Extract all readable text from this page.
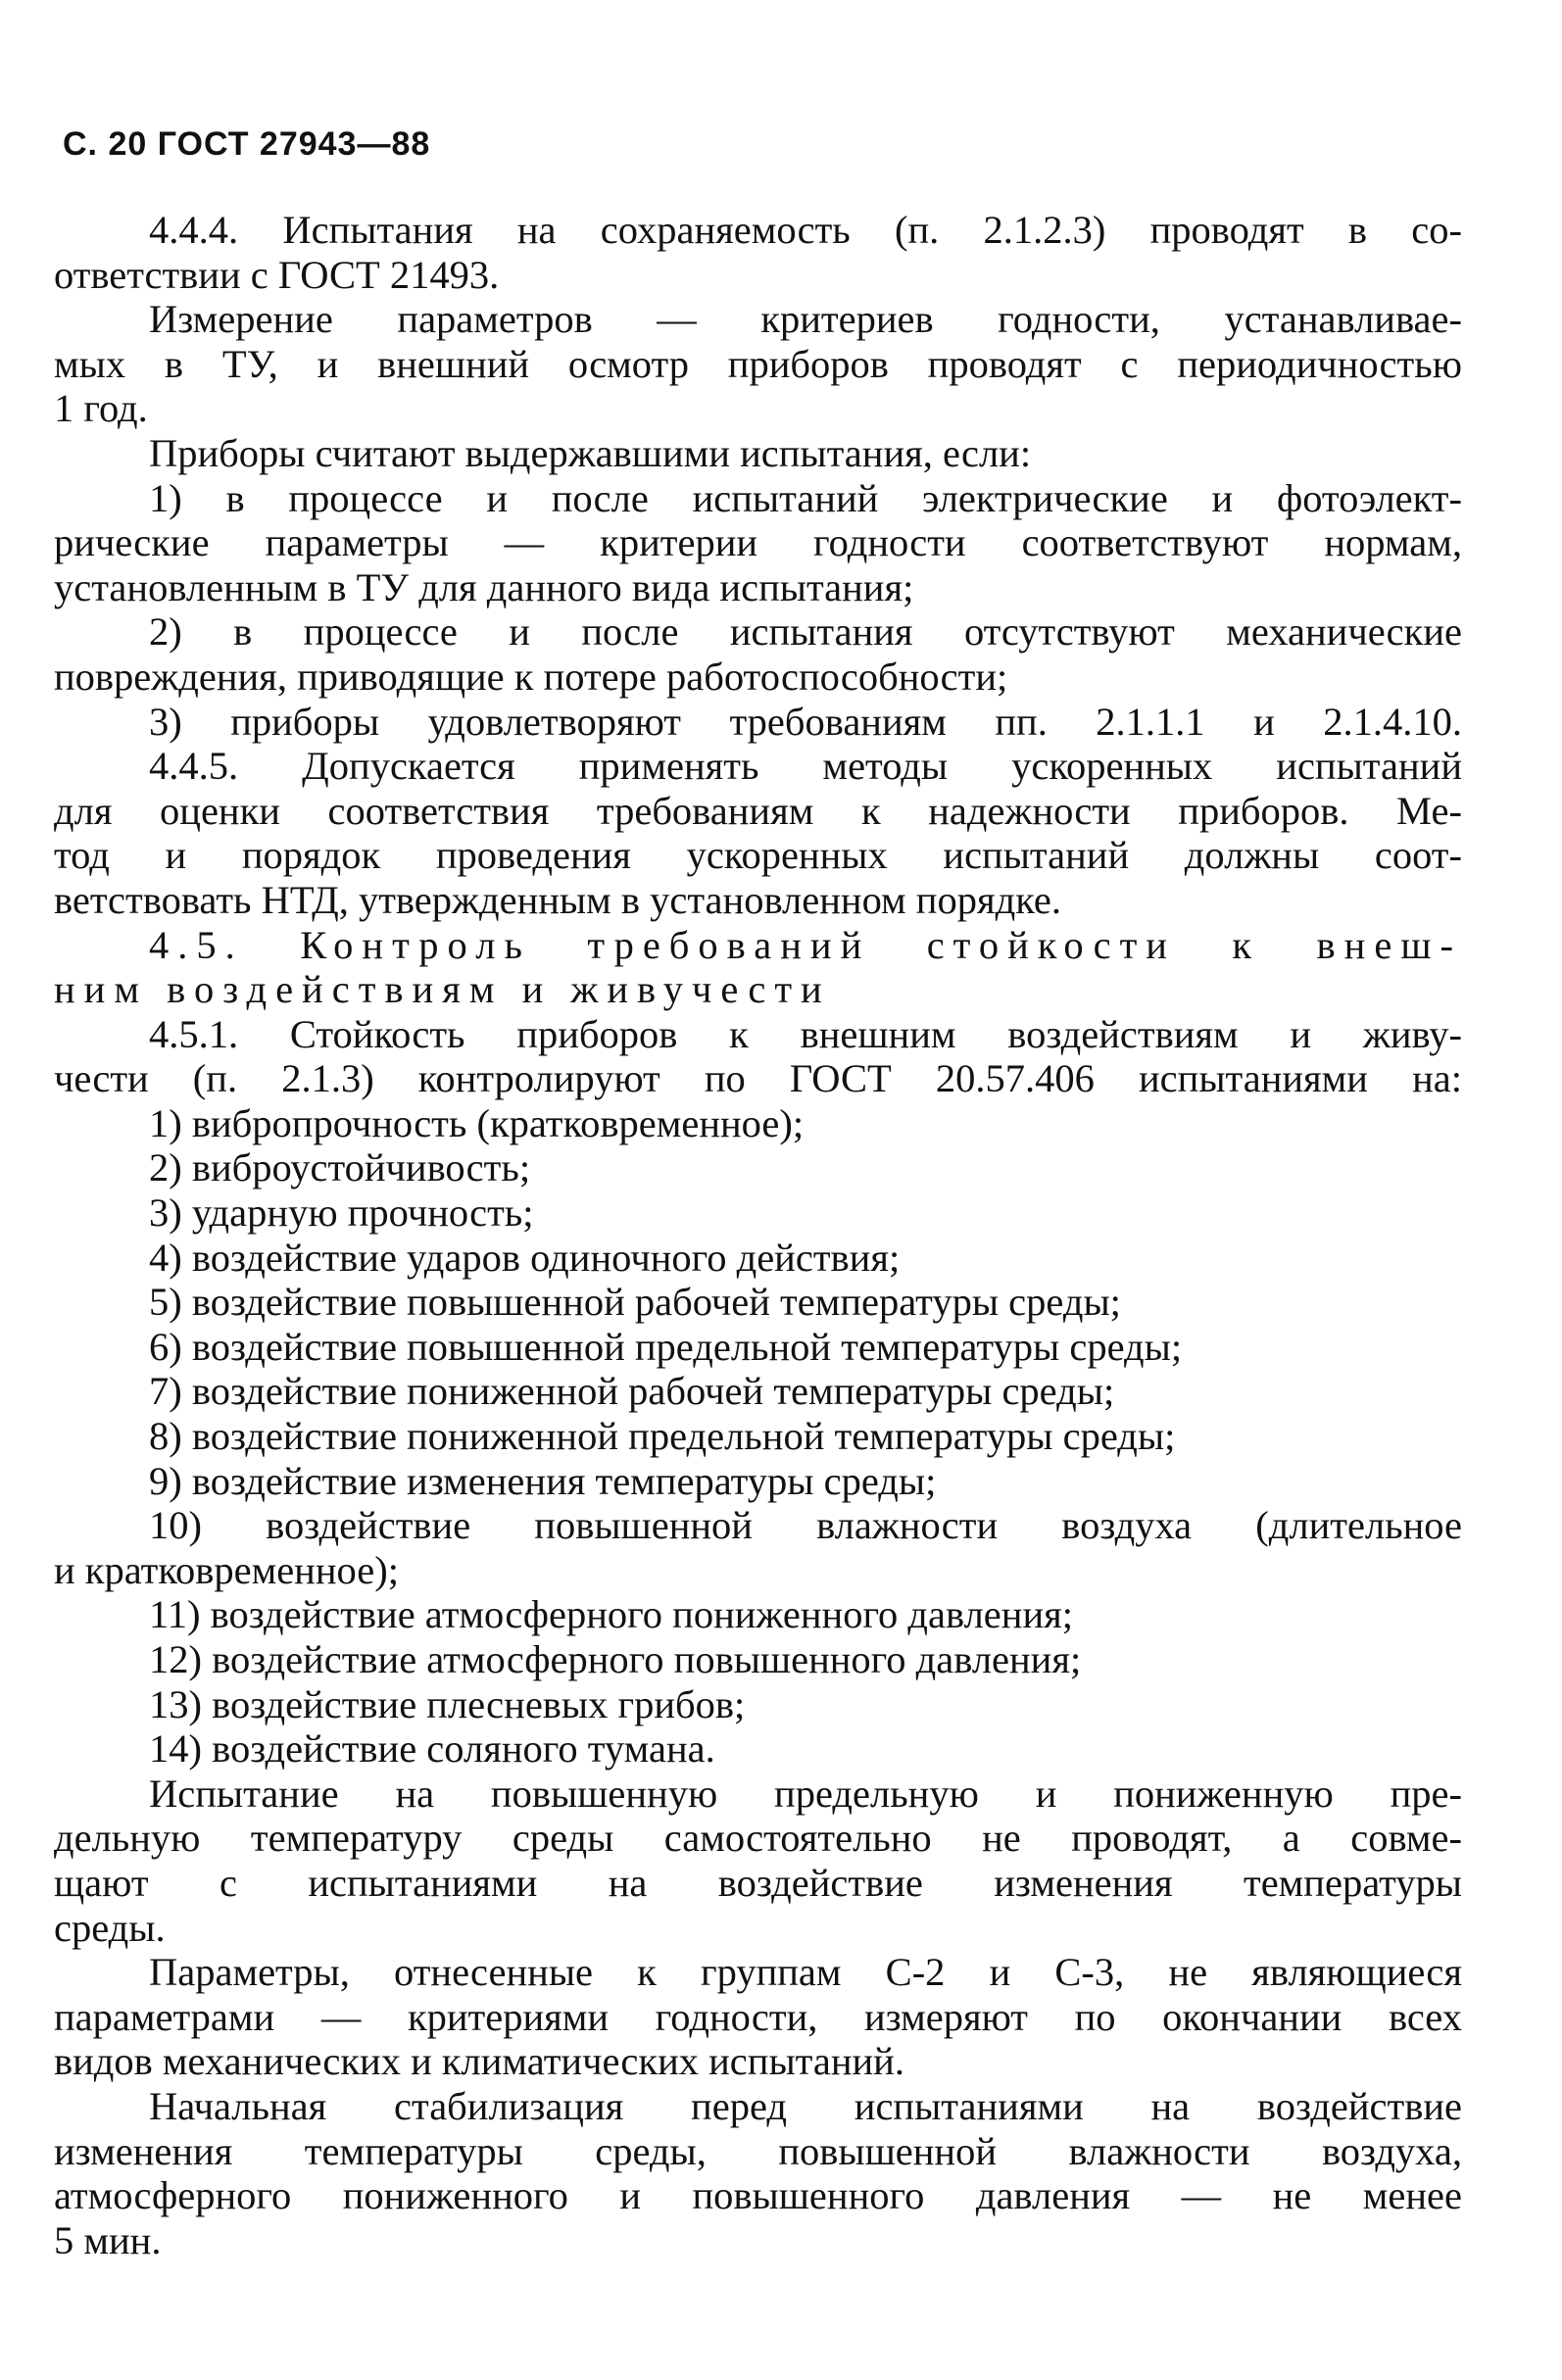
С. 20 ГОСТ 27943—88
4.4.4. Испытания на сохраняемость (п. 2.1.2.3) проводят в со-
ответствии с ГОСТ 21493.
Измерение параметров — критериев годности, устанавливае-
мых в ТУ, и внешний осмотр приборов проводят с периодичностью
1 год.
Приборы считают выдержавшими испытания, если:
1) в процессе и после испытаний электрические и фотоэлект-
рические параметры — критерии годности соответствуют нормам,
установленным в ТУ для данного вида испытания;
2) в процессе и после испытания отсутствуют механические
повреждения, приводящие к потере работоспособности;
3) приборы удовлетворяют требованиям пп. 2.1.1.1 и 2.1.4.10.
4.4.5. Допускается применять методы ускоренных испытаний
для оценки соответствия требованиям к надежности приборов. Ме-
тод и порядок проведения ускоренных испытаний должны соот-
ветствовать НТД, утвержденным в установленном порядке.
4.5. Контроль требований стойкости к внеш-
ним воздействиям и живучести
4.5.1. Стойкость приборов к внешним воздействиям и живу-
чести (п. 2.1.3) контролируют по ГОСТ 20.57.406 испытаниями на:
1) вибропрочность (кратковременное);
2) виброустойчивость;
3) ударную прочность;
4) воздействие ударов одиночного действия;
5) воздействие повышенной рабочей температуры среды;
6) воздействие повышенной предельной температуры среды;
7) воздействие пониженной рабочей температуры среды;
8) воздействие пониженной предельной температуры среды;
9) воздействие изменения температуры среды;
10) воздействие повышенной влажности воздуха (длительное
и кратковременное);
11) воздействие атмосферного пониженного давления;
12) воздействие атмосферного повышенного давления;
13) воздействие плесневых грибов;
14) воздействие соляного тумана.
Испытание на повышенную предельную и пониженную пре-
дельную температуру среды самостоятельно не проводят, а совме-
щают с испытаниями на воздействие изменения температуры
среды.
Параметры, отнесенные к группам С-2 и С-3, не являющиеся
параметрами — критериями годности, измеряют по окончании всех
видов механических и климатических испытаний.
Начальная стабилизация перед испытаниями на воздействие
изменения температуры среды, повышенной влажности воздуха,
атмосферного пониженного и повышенного давления — не менее
5 мин.
